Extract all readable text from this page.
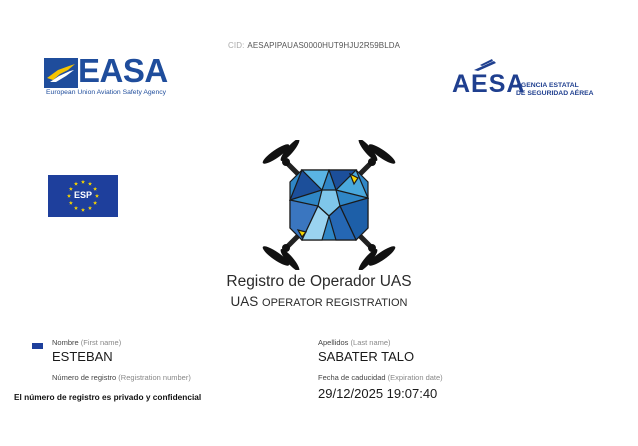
CID: AESAPIPAUAS0000HUT9HJU2R59BLDA
EASA
European Union Aviation Safety Agency	AESA
AGENCIA ESTATAL
DE SEGURIDAD AÉREA
ESP
Registro de Operador UAS
UAS OPERATOR REGISTRATION
Nombre (First name)
ESTEBAN
Apellidos (Last name)
SABATER TALO
Número de registro (Registration number)	Fecha de caducidad (Expiration date)
29/12/2025 19:07:40
El número de registro es privado y confidencial
